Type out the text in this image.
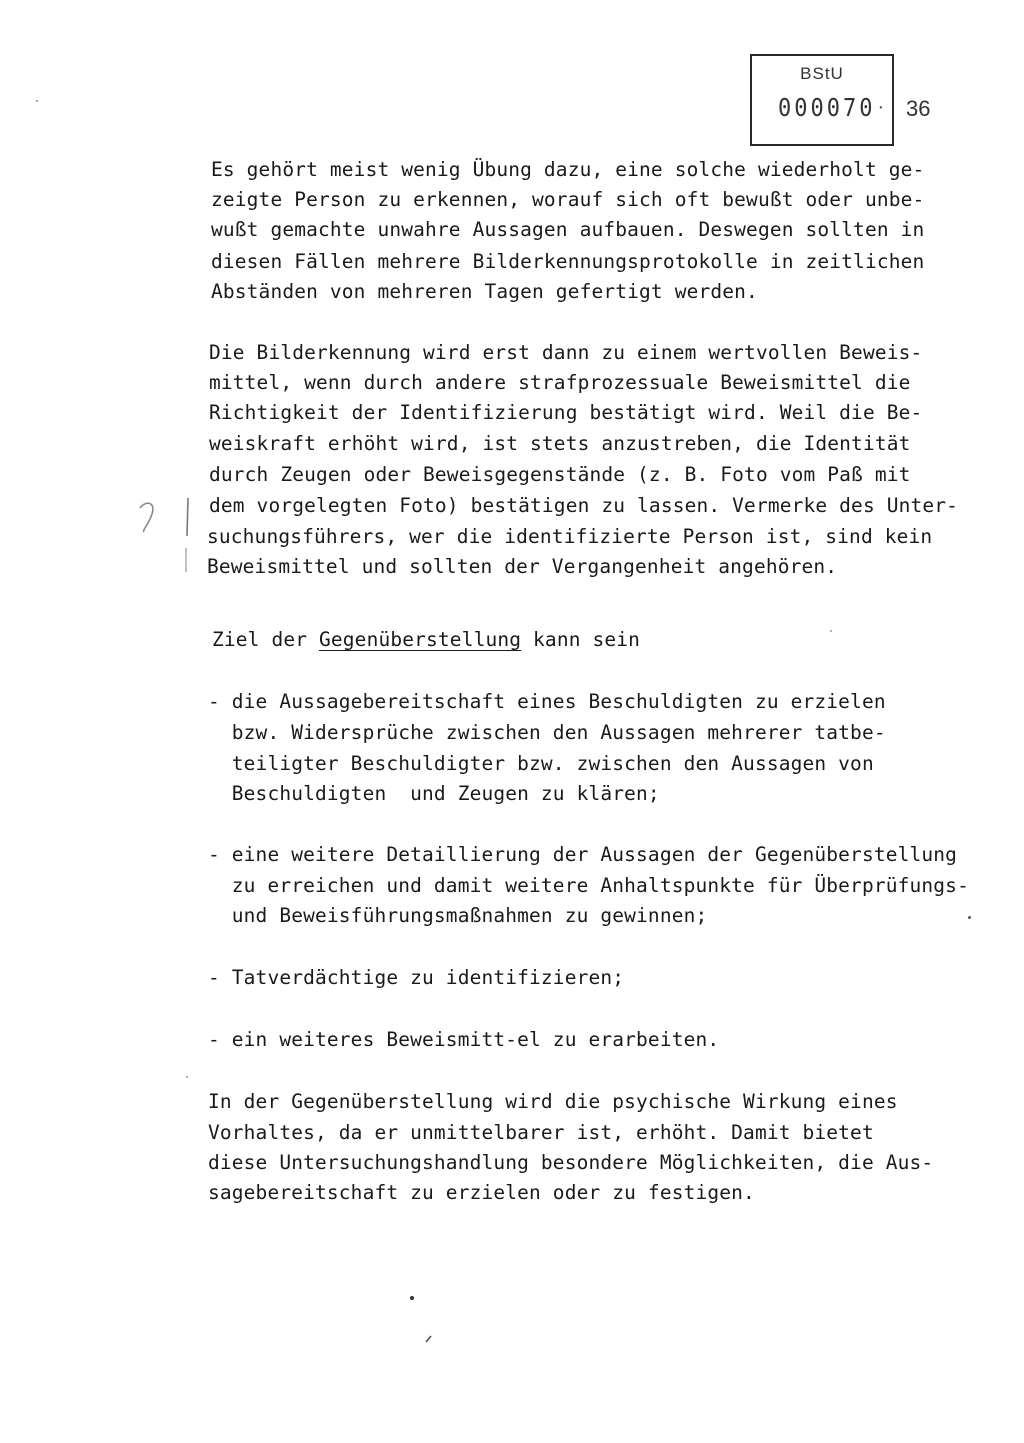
BStU
000070 · 36
Es gehört meist wenig Übung dazu, eine solche wiederholt ge-
zeigte Person zu erkennen, worauf sich oft bewußt oder unbe-
wußt gemachte unwahre Aussagen aufbauen. Deswegen sollten in
diesen Fällen mehrere Bilderkennungsprotokolle in zeitlichen
Abständen von mehreren Tagen gefertigt werden.
Die Bilderkennung wird erst dann zu einem wertvollen Beweis-
mittel, wenn durch andere strafprozessuale Beweismittel die
Richtigkeit der Identifizierung bestätigt wird. Weil die Be-
weiskraft erhöht wird, ist stets anzustreben, die Identität
durch Zeugen oder Beweisgegenstände (z. B. Foto vom Paß mit
dem vorgelegten Foto) bestätigen zu lassen. Vermerke des Unter-
suchungsführers, wer die identifizierte Person ist, sind kein
Beweismittel und sollten der Vergangenheit angehören.
Ziel der Gegenüberstellung kann sein
- die Aussagebereitschaft eines Beschuldigten zu erzielen
bzw. Widersprüche zwischen den Aussagen mehrerer tatbe-
teiligter Beschuldigter bzw. zwischen den Aussagen von
Beschuldigten  und Zeugen zu klären;
- eine weitere Detaillierung der Aussagen der Gegenüberstellung
zu erreichen und damit weitere Anhaltspunkte für Überprüfungs-
und Beweisführungsmaßnahmen zu gewinnen;
- Tatverdächtige zu identifizieren;
- ein weiteres Beweismitt-el zu erarbeiten.
In der Gegenüberstellung wird die psychische Wirkung eines
Vorhaltes, da er unmittelbarer ist, erhöht. Damit bietet
diese Untersuchungshandlung besondere Möglichkeiten, die Aus-
sagebereitschaft zu erzielen oder zu festigen.
